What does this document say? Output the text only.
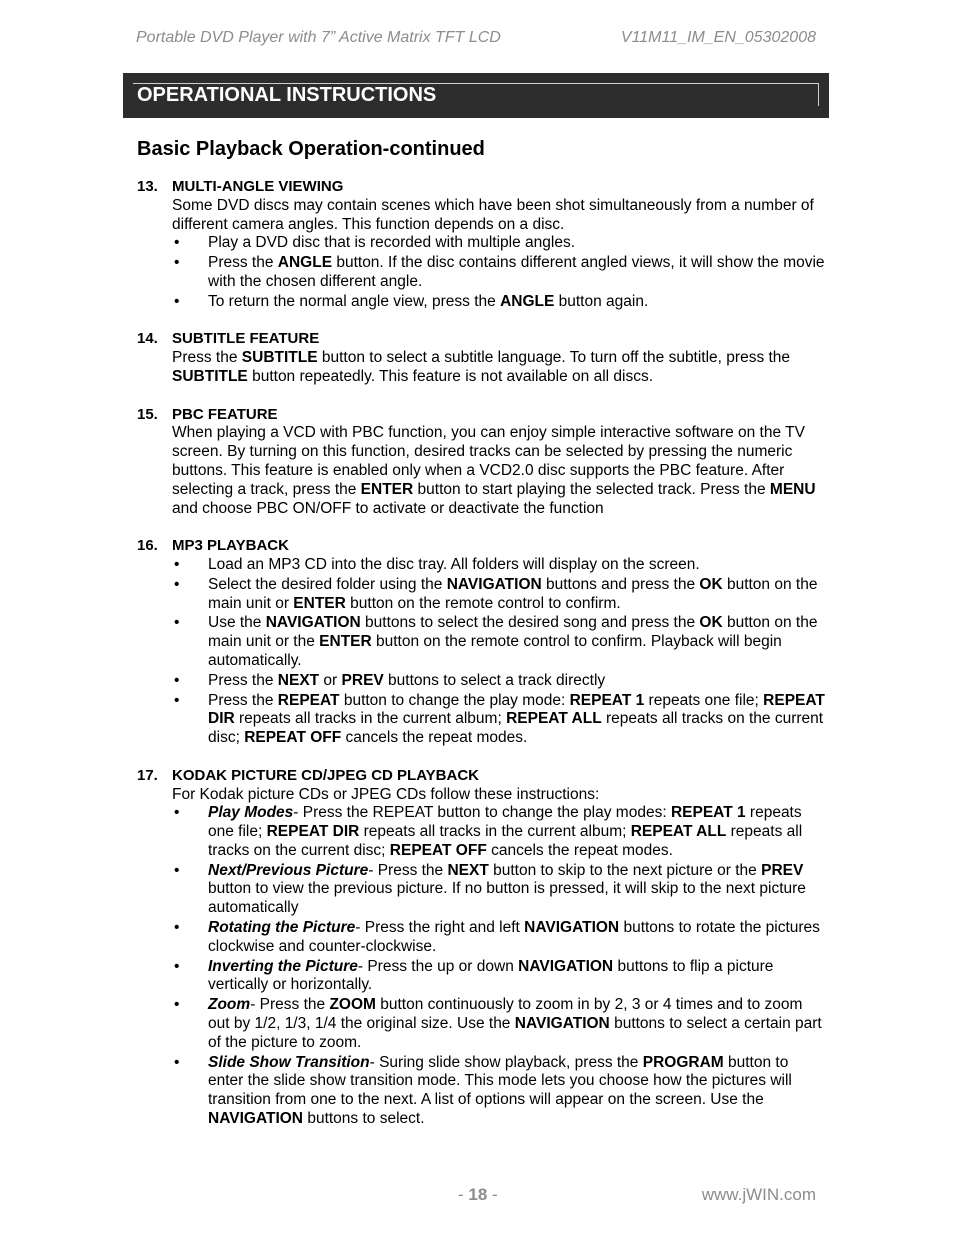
Portable DVD Player with 7” Active Matrix TFT LCD	V11M11_IM_EN_05302008
OPERATIONAL INSTRUCTIONS
Basic Playback Operation-continued
13. MULTI-ANGLE VIEWING
Some DVD discs may contain scenes which have been shot simultaneously from a number of different camera angles. This function depends on a disc.
• Play a DVD disc that is recorded with multiple angles.
• Press the ANGLE button. If the disc contains different angled views, it will show the movie with the chosen different angle.
• To return the normal angle view, press the ANGLE button again.
14. SUBTITLE FEATURE
Press the SUBTITLE button to select a subtitle language. To turn off the subtitle, press the SUBTITLE button repeatedly. This feature is not available on all discs.
15. PBC FEATURE
When playing a VCD with PBC function, you can enjoy simple interactive software on the TV screen. By turning on this function, desired tracks can be selected by pressing the numeric buttons. This feature is enabled only when a VCD2.0 disc supports the PBC feature. After selecting a track, press the ENTER button to start playing the selected track. Press the MENU and choose PBC ON/OFF to activate or deactivate the function
16. MP3 PLAYBACK
• Load an MP3 CD into the disc tray. All folders will display on the screen.
• Select the desired folder using the NAVIGATION buttons and press the OK button on the main unit or ENTER button on the remote control to confirm.
• Use the NAVIGATION buttons to select the desired song and press the OK button on the main unit or the ENTER button on the remote control to confirm. Playback will begin automatically.
• Press the NEXT or PREV buttons to select a track directly
• Press the REPEAT button to change the play mode: REPEAT 1 repeats one file; REPEAT DIR repeats all tracks in the current album; REPEAT ALL repeats all tracks on the current disc; REPEAT OFF cancels the repeat modes.
17. KODAK PICTURE CD/JPEG CD PLAYBACK
For Kodak picture CDs or JPEG CDs follow these instructions:
• Play Modes- Press the REPEAT button to change the play modes: REPEAT 1 repeats one file; REPEAT DIR repeats all tracks in the current album; REPEAT ALL repeats all tracks on the current disc; REPEAT OFF cancels the repeat modes.
• Next/Previous Picture- Press the NEXT button to skip to the next picture or the PREV button to view the previous picture. If no button is pressed, it will skip to the next picture automatically
• Rotating the Picture- Press the right and left NAVIGATION buttons to rotate the pictures clockwise and counter-clockwise.
• Inverting the Picture- Press the up or down NAVIGATION buttons to flip a picture vertically or horizontally.
• Zoom- Press the ZOOM button continuously to zoom in by 2, 3 or 4 times and to zoom out by 1/2, 1/3, 1/4 the original size. Use the NAVIGATION buttons to select a certain part of the picture to zoom.
• Slide Show Transition- Suring slide show playback, press the PROGRAM button to enter the slide show transition mode. This mode lets you choose how the pictures will transition from one to the next. A list of options will appear on the screen. Use the NAVIGATION buttons to select.
- 18 -	www.jWIN.com
